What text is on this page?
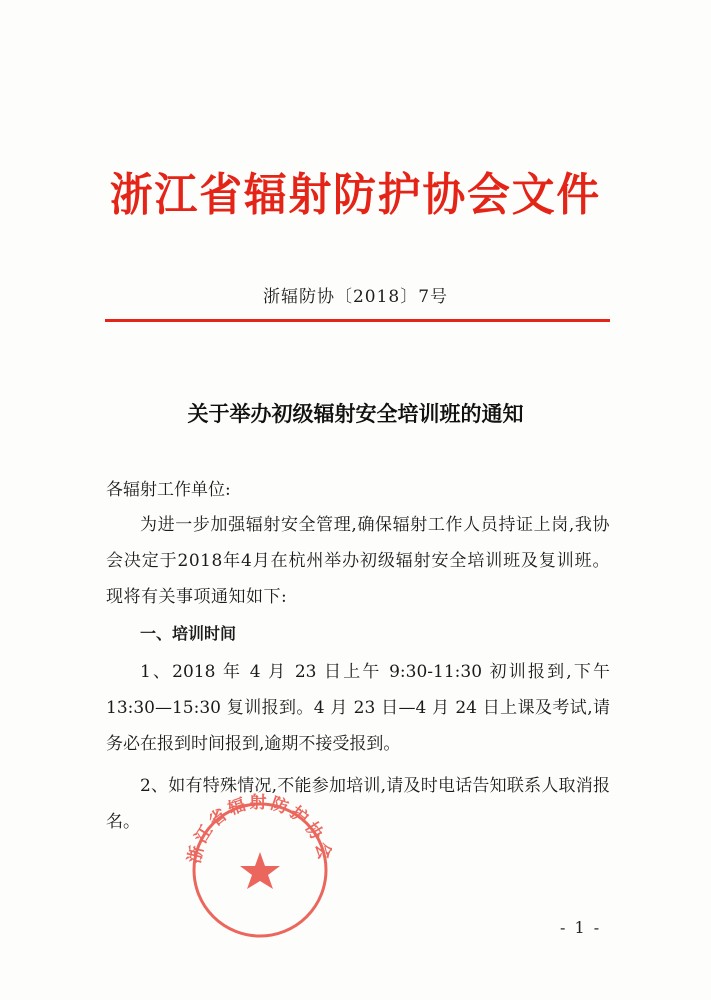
浙江省辐射防护协会文件
浙辐防协〔2018〕7号
关于举办初级辐射安全培训班的通知

各辐射工作单位:

为进一步加强辐射安全管理,确保辐射工作人员持证上岗,我协会决定于2018年4月在杭州举办初级辐射安全培训班及复训班。现将有关事项通知如下:

一、培训时间

1、2018 年 4 月 23 日上午 9:30-11:30 初训报到,下午 13:30—15:30 复训报到。4 月 23 日—4 月 24 日上课及考试,请务必在报到时间报到,逾期不接受报到。

2、如有特殊情况,不能参加培训,请及时电话告知联系人取消报名。

浙江省辐射防护协会
- 1 -
